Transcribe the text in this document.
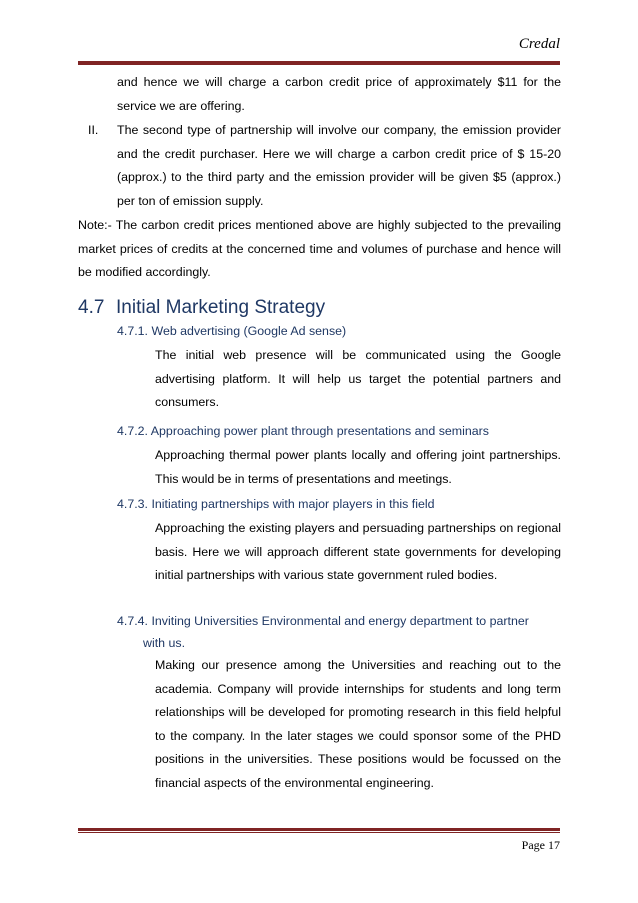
Credal

and hence we will charge a carbon credit price of approximately $11 for the service we are offering.

II. The second type of partnership will involve our company, the emission provider and the credit purchaser. Here we will charge a carbon credit price of $ 15-20 (approx.) to the third party and the emission provider will be given $5 (approx.) per ton of emission supply.

Note:- The carbon credit prices mentioned above are highly subjected to the prevailing market prices of credits at the concerned time and volumes of purchase and hence will be modified accordingly.

4.7 Initial Marketing Strategy

4.7.1. Web advertising (Google Ad sense)

The initial web presence will be communicated using the Google advertising platform. It will help us target the potential partners and consumers.

4.7.2. Approaching power plant through presentations and seminars

Approaching thermal power plants locally and offering joint partnerships. This would be in terms of presentations and meetings.

4.7.3. Initiating partnerships with major players in this field

Approaching the existing players and persuading partnerships on regional basis. Here we will approach different state governments for developing initial partnerships with various state government ruled bodies.

4.7.4. Inviting Universities Environmental and energy department to partner

with us.

Making our presence among the Universities and reaching out to the academia. Company will provide internships for students and long term relationships will be developed for promoting research in this field helpful to the company. In the later stages we could sponsor some of the PHD positions in the universities. These positions would be focussed on the financial aspects of the environmental engineering.

Page 17
